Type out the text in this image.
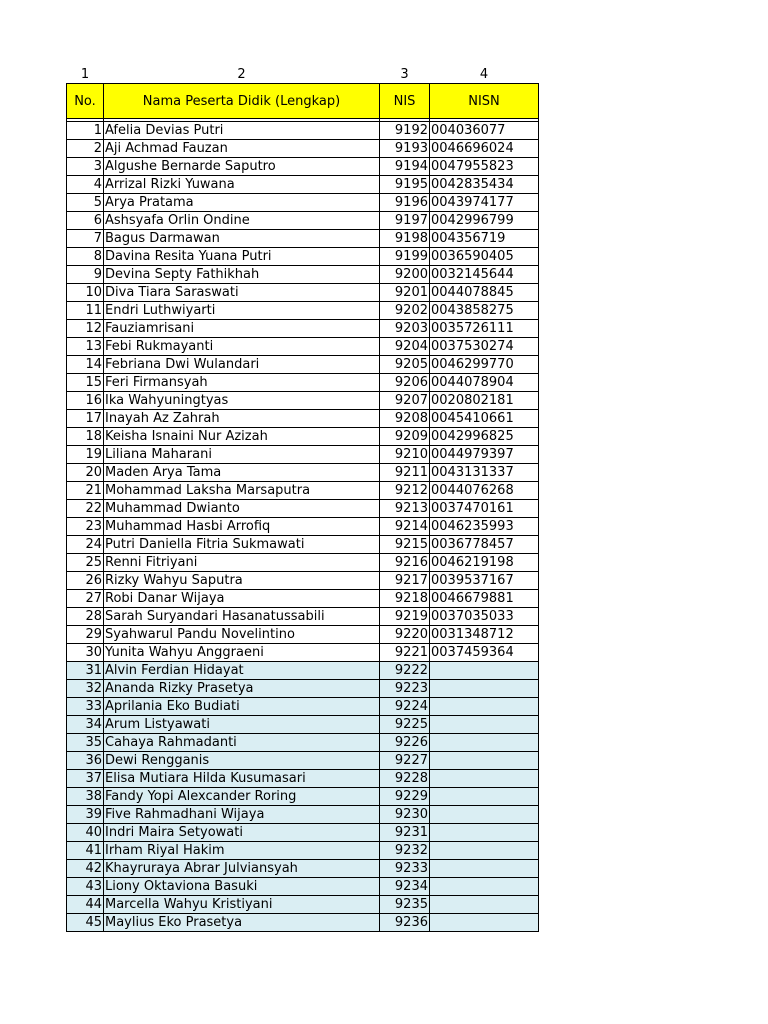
1	2	3	4
No.	Nama Peserta Didik (Lengkap)	NIS	NISN

1	Afelia Devias Putri	9192	004036077
2	Aji Achmad Fauzan	9193	0046696024
3	Algushe Bernarde Saputro	9194	0047955823
4	Arrizal Rizki Yuwana	9195	0042835434
5	Arya Pratama	9196	0043974177
6	Ashsyafa Orlin Ondine	9197	0042996799
7	Bagus Darmawan	9198	004356719
8	Davina Resita Yuana Putri	9199	0036590405
9	Devina Septy Fathikhah	9200	0032145644
10	Diva Tiara Saraswati	9201	0044078845
11	Endri Luthwiyarti	9202	0043858275
12	Fauziamrisani	9203	0035726111
13	Febi Rukmayanti	9204	0037530274
14	Febriana Dwi Wulandari	9205	0046299770
15	Feri Firmansyah	9206	0044078904
16	Ika Wahyuningtyas	9207	0020802181
17	Inayah Az Zahrah	9208	0045410661
18	Keisha Isnaini Nur Azizah	9209	0042996825
19	Liliana Maharani	9210	0044979397
20	Maden Arya Tama	9211	0043131337
21	Mohammad Laksha Marsaputra	9212	0044076268
22	Muhammad Dwianto	9213	0037470161
23	Muhammad Hasbi Arrofiq	9214	0046235993
24	Putri Daniella Fitria Sukmawati	9215	0036778457
25	Renni Fitriyani	9216	0046219198
26	Rizky Wahyu Saputra	9217	0039537167
27	Robi Danar Wijaya	9218	0046679881
28	Sarah Suryandari Hasanatussabili	9219	0037035033
29	Syahwarul Pandu Novelintino	9220	0031348712
30	Yunita Wahyu Anggraeni	9221	0037459364
31	Alvin Ferdian Hidayat	9222	
32	Ananda Rizky Prasetya	9223	
33	Aprilania Eko Budiati	9224	
34	Arum Listyawati	9225	
35	Cahaya Rahmadanti	9226	
36	Dewi Rengganis	9227	
37	Elisa Mutiara Hilda Kusumasari	9228	
38	Fandy Yopi Alexcander Roring	9229	
39	Five Rahmadhani Wijaya	9230	
40	Indri Maira Setyowati	9231	
41	Irham Riyal Hakim	9232	
42	Khayruraya Abrar Julviansyah	9233	
43	Liony Oktaviona Basuki	9234	
44	Marcella Wahyu Kristiyani	9235	
45	Maylius Eko Prasetya	9236	
